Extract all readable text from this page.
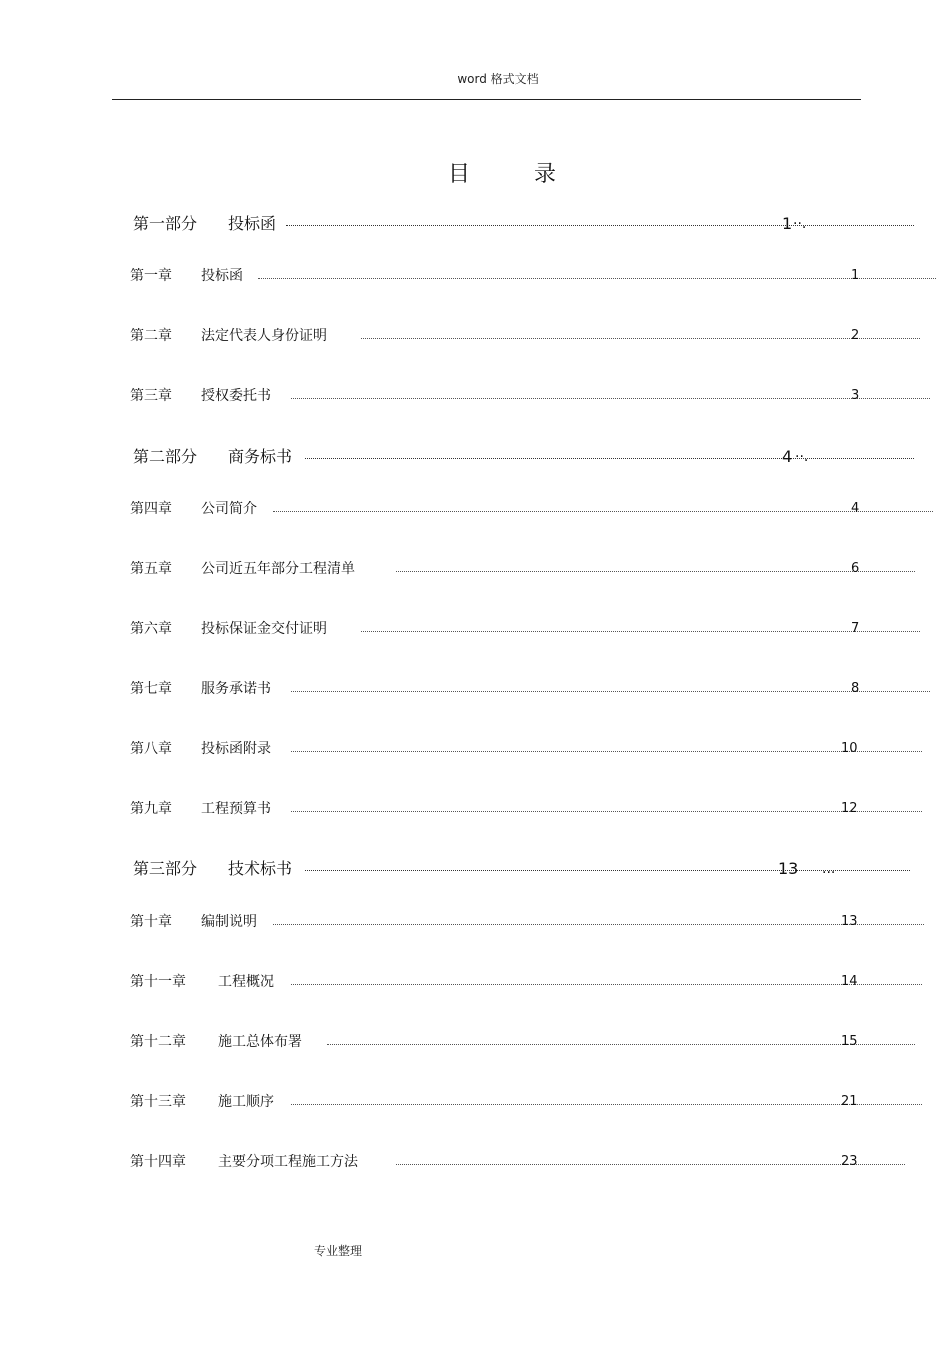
word 格式文档
目录
第一部分 投标函	1 ··.
第一章 投标函	1
第二章 法定代表人身份证明	2
第三章 授权委托书	3
第二部分 商务标书	4 ··.
第四章 公司简介	4
第五章 公司近五年部分工程清单	6
第六章 投标保证金交付证明	7
第七章 服务承诺书	8
第八章 投标函附录	10
第九章 工程预算书	12
第三部分 技术标书	13 ...
第十章 编制说明	13
第十一章 工程概况	14
第十二章 施工总体布署	15
第十三章 施工顺序	21
第十四章 主要分项工程施工方法	23
专业整理
